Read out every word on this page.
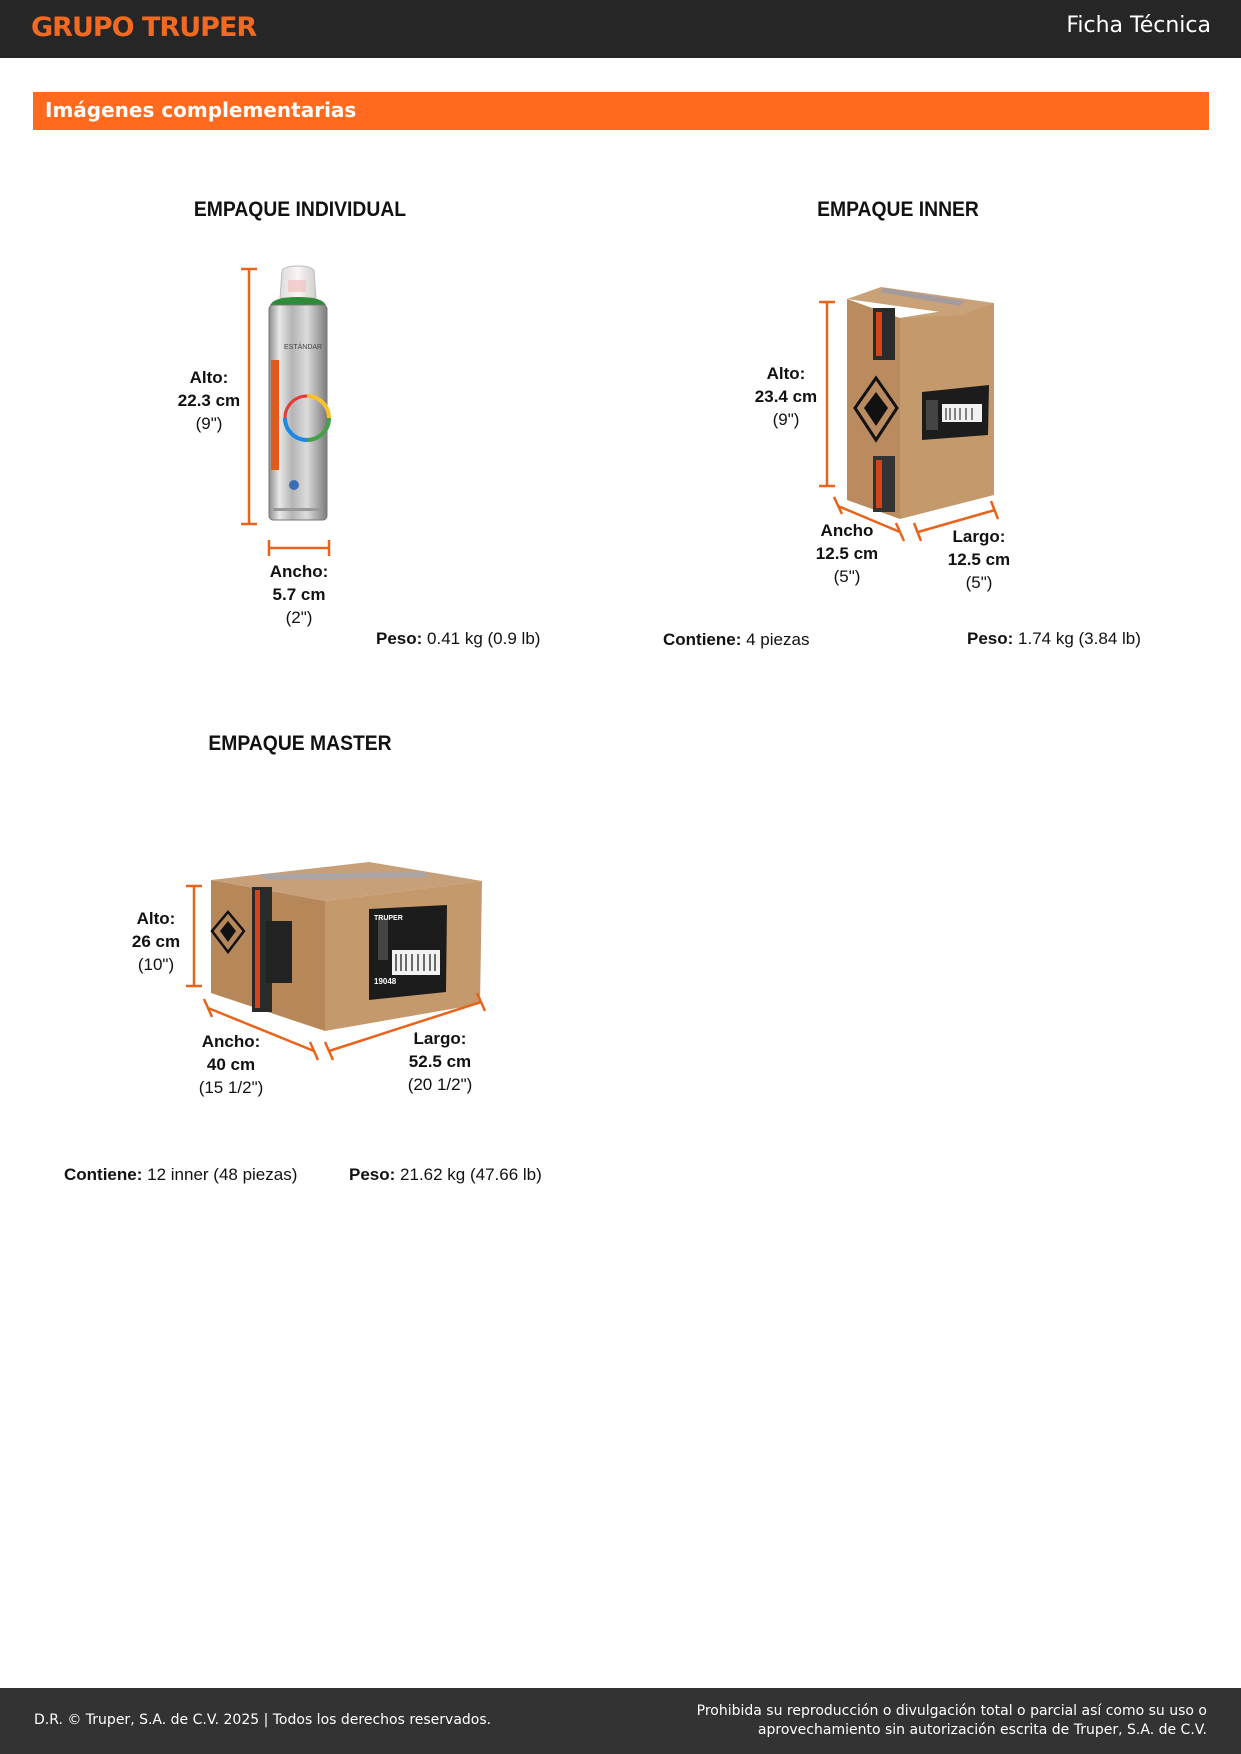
GRUPO TRUPER	Ficha Técnica
Imágenes complementarias
EMPAQUE INDIVIDUAL
ESTÁNDAR
Alto:
22.3 cm
(9")
Ancho:
5.7 cm
(2")
Peso: 0.41 kg (0.9 lb)
EMPAQUE INNER
Alto:
23.4 cm
(9")
Ancho
12.5 cm
(5")
Largo:
12.5 cm
(5")
Contiene: 4 piezas	Peso: 1.74 kg (3.84 lb)
EMPAQUE MASTER
19048
TRUPER
Alto:
26 cm
(10")
Ancho:
40 cm
(15 1/2")
Largo:
52.5 cm
(20 1/2")
Contiene: 12 inner (48 piezas)	Peso: 21.62 kg (47.66 lb)
D.R. © Truper, S.A. de C.V. 2025 | Todos los derechos reservados.
Prohibida su reproducción o divulgación total o parcial así como su uso o
aprovechamiento sin autorización escrita de Truper, S.A. de C.V.
